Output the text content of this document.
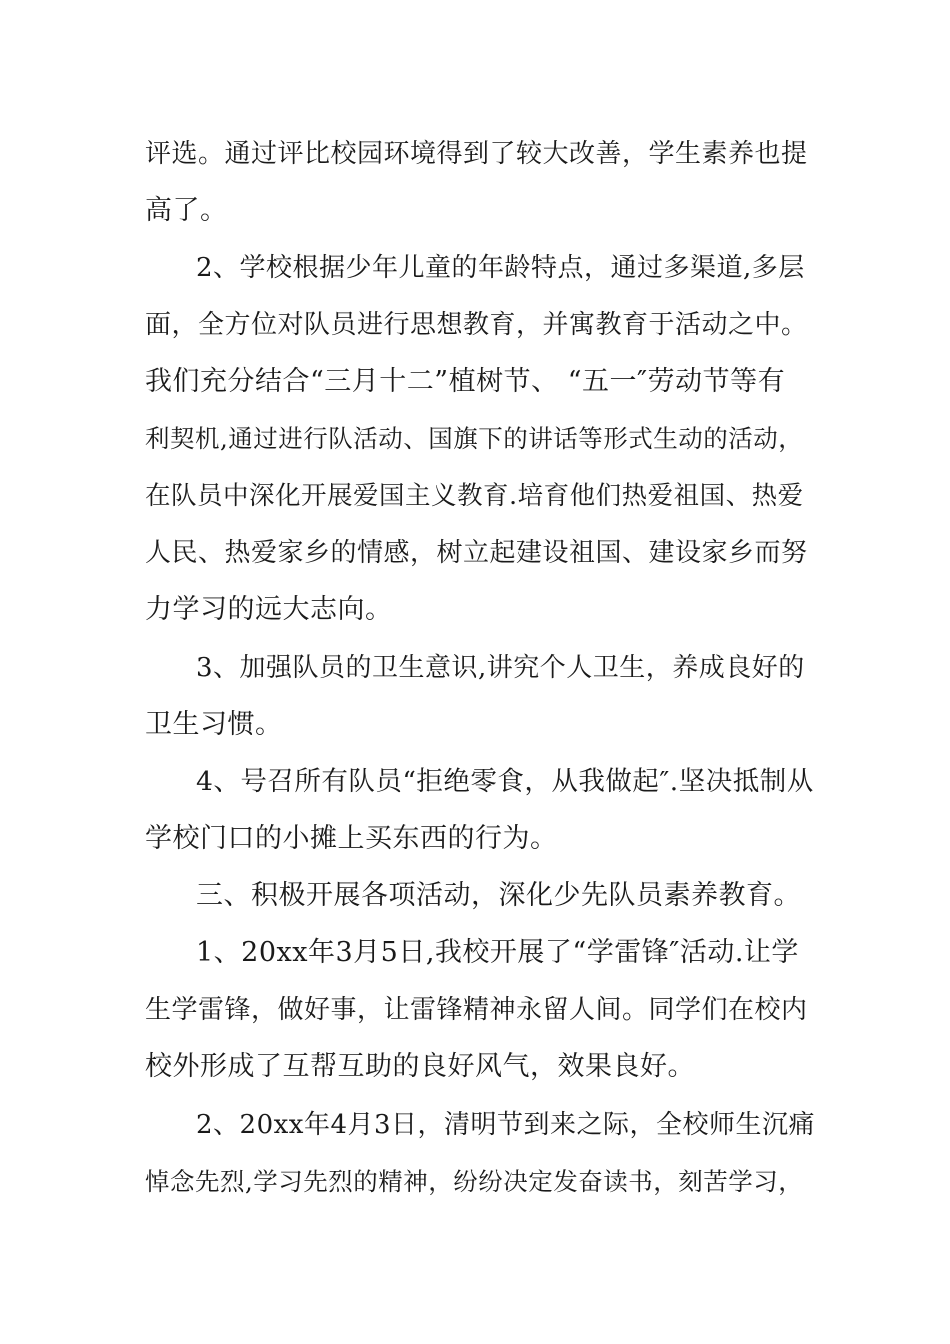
评选。通过评比校园环境得到了较大改善，学生素养也提
高了。
2、学校根据少年儿童的年龄特点，通过多渠道,多层
面，全方位对队员进行思想教育，并寓教育于活动之中。
我们充分结合“三月十二”植树节、 “五一″劳动节等有
利契机,通过进行队活动、国旗下的讲话等形式生动的活动，
在队员中深化开展爱国主义教育.培育他们热爱祖国、热爱
人民、热爱家乡的情感，树立起建设祖国、建设家乡而努
力学习的远大志向。
3、加强队员的卫生意识,讲究个人卫生，养成良好的
卫生习惯。
4、号召所有队员“拒绝零食，从我做起″.坚决抵制从
学校门口的小摊上买东西的行为。
三、积极开展各项活动，深化少先队员素养教育。
1、20xx年3月5日,我校开展了“学雷锋″活动.让学
生学雷锋，做好事，让雷锋精神永留人间。同学们在校内
校外形成了互帮互助的良好风气，效果良好。
2、20xx年4月3日，清明节到来之际，全校师生沉痛
悼念先烈,学习先烈的精神，纷纷决定发奋读书，刻苦学习，
